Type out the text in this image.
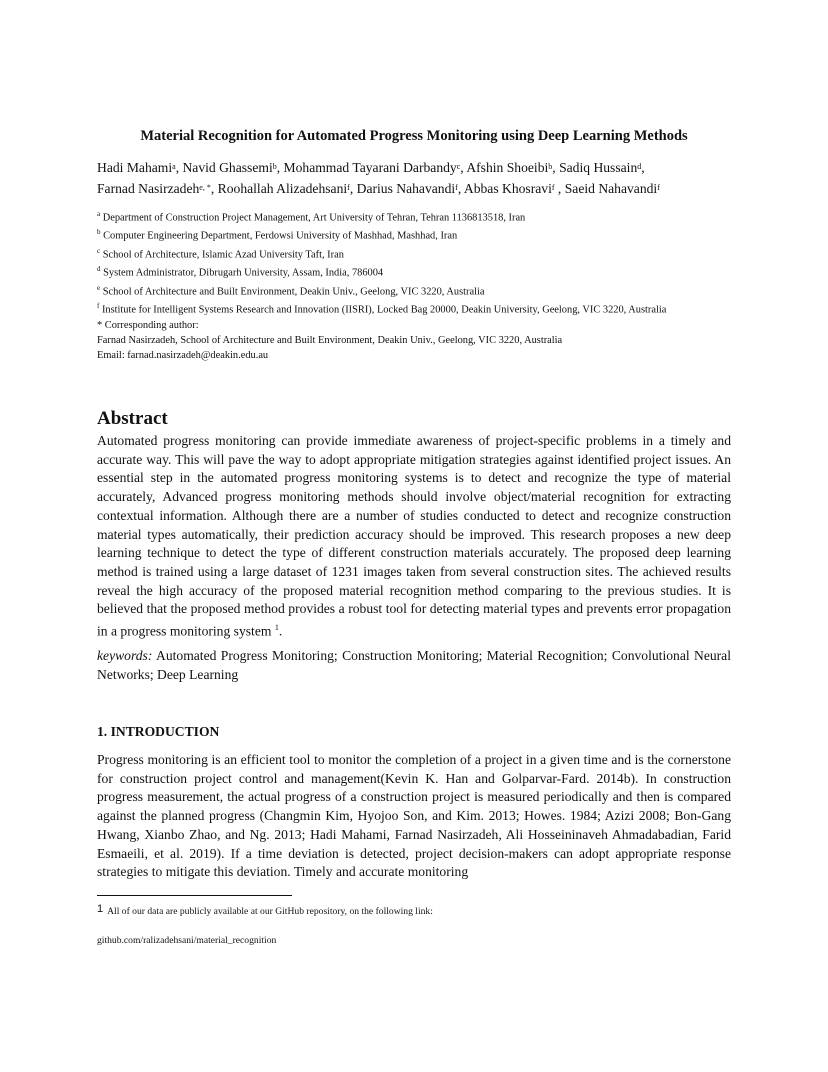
Material Recognition for Automated Progress Monitoring using Deep Learning Methods

Hadi Mahami$^a$, Navid Ghassemi$^b$, Mohammad Tayarani Darbandy$^c$, Afshin Shoeibi$^b$, Sadiq Hussain$^d$,
Farnad Nasirzadeh$^{e, *}$, Roohallah Alizadehsani$^f$, Darius Nahavandi$^f$, Abbas Khosravi$^f$ , Saeid Nahavandi$^f$

$^a$ Department of Construction Project Management, Art University of Tehran, Tehran 1136813518, Iran
$^b$ Computer Engineering Department, Ferdowsi University of Mashhad, Mashhad, Iran
$^c$ School of Architecture, Islamic Azad University Taft, Iran
$^d$ System Administrator, Dibrugarh University, Assam, India, 786004
$^e$ School of Architecture and Built Environment, Deakin Univ., Geelong, VIC 3220, Australia
$^f$ Institute for Intelligent Systems Research and Innovation (IISRI), Locked Bag 20000, Deakin University, Geelong, VIC 3220, Australia
* Corresponding author:
Farnad Nasirzadeh, School of Architecture and Built Environment, Deakin Univ., Geelong, VIC 3220, Australia
Email: farnad.nasirzadeh@deakin.edu.au
Abstract

Automated progress monitoring can provide immediate awareness of project-specific problems in a timely and accurate way. This will pave the way to adopt appropriate mitigation strategies against identified project issues. An essential step in the automated progress monitoring systems is to detect and recognize the type of material accurately, Advanced progress monitoring methods should involve object/material recognition for extracting contextual information. Although there are a number of studies conducted to detect and recognize construction material types automatically, their prediction accuracy should be improved. This research proposes a new deep learning technique to detect the type of different construction materials accurately. The proposed deep learning method is trained using a large dataset of 1231 images taken from several construction sites. The achieved results reveal the high accuracy of the proposed material recognition method comparing to the previous studies. It is believed that the proposed method provides a robust tool for detecting material types and prevents error propagation in a progress monitoring system $^1$.

keywords: Automated Progress Monitoring; Construction Monitoring; Material Recognition; Convolutional Neural Networks; Deep Learning

1. INTRODUCTION

Progress monitoring is an efficient tool to monitor the completion of a project in a given time and is the cornerstone for construction project control and management(Kevin K. Han and Golparvar-Fard. 2014b). In construction progress measurement, the actual progress of a construction project is measured periodically and then is compared against the planned progress (Changmin Kim, Hyojoo Son, and Kim. 2013; Howes. 1984; Azizi 2008; Bon-Gang Hwang, Xianbo Zhao, and Ng. 2013; Hadi Mahami, Farnad Nasirzadeh, Ali Hosseininaveh Ahmadabadian, Farid Esmaeili, et al. 2019). If a time deviation is detected, project decision-makers can adopt appropriate response strategies to mitigate this deviation. Timely and accurate monitoring

1 All of our data are publicly available at our GitHub repository, on the following link:

github.com/ralizadehsani/material_recognition
